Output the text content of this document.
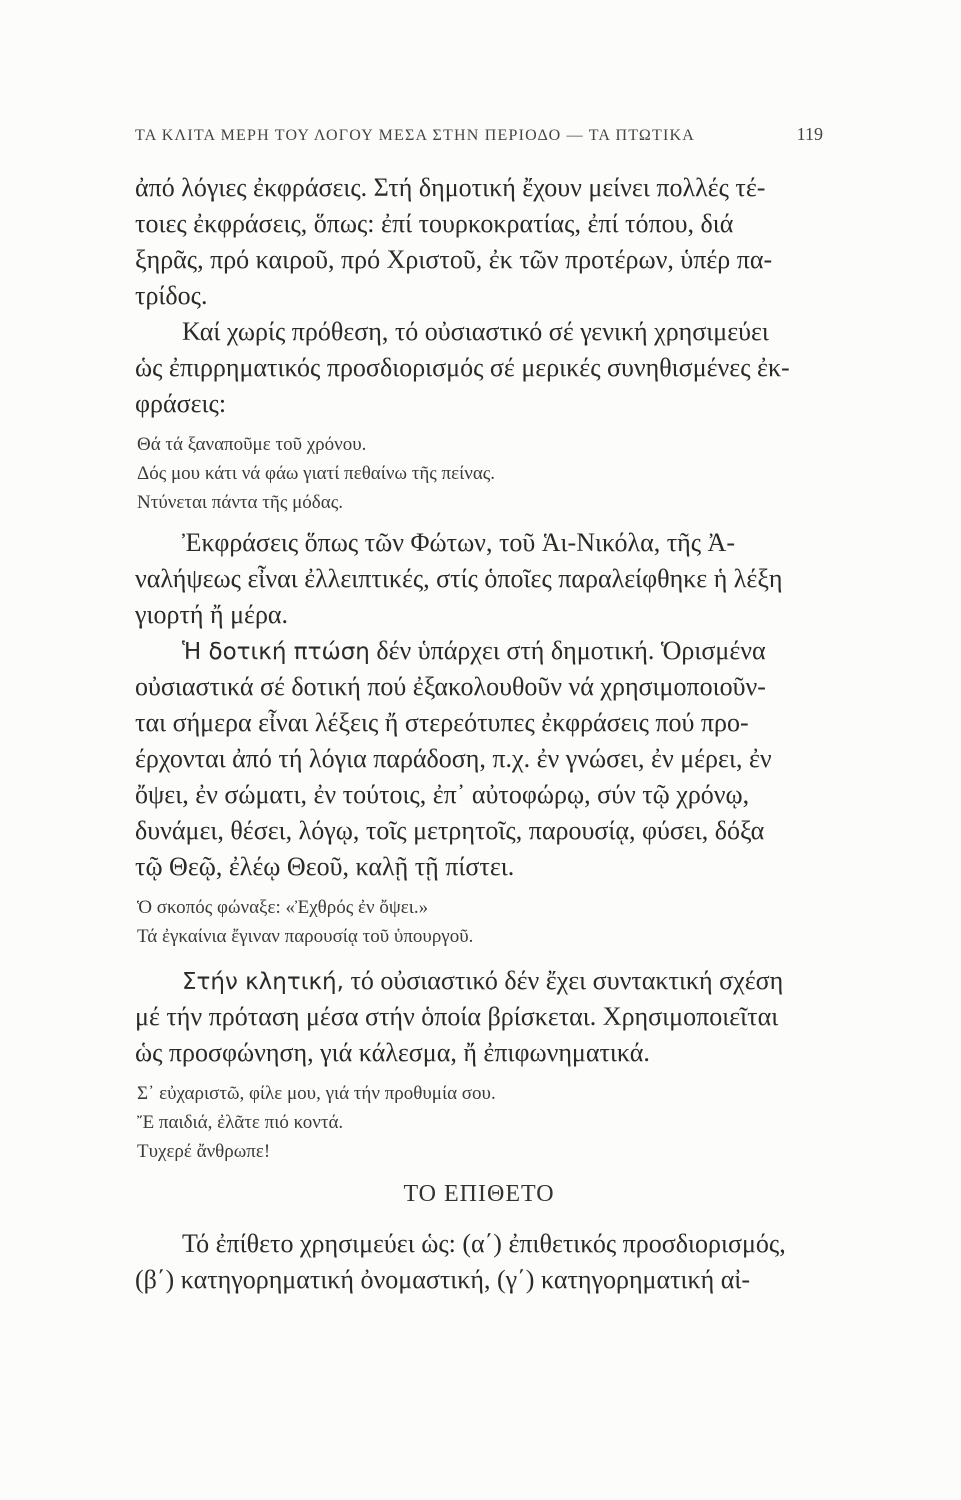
ΤΑ ΚΛΙΤΑ ΜΕΡΗ ΤΟΥ ΛΟΓΟΥ ΜΕΣΑ ΣΤΗΝ ΠΕΡΙΟΔΟ — ΤΑ ΠΤΩΤΙΚΑ	119
ἀπό λόγιες ἐκφράσεις. Στή δημοτική ἔχουν μείνει πολλές τέ-
τοιες ἐκφράσεις, ὅπως: ἐπί τουρκοκρατίας, ἐπί τόπου, διά
ξηρᾶς, πρό καιροῦ, πρό Χριστοῦ, ἐκ τῶν προτέρων, ὑπέρ πα-
τρίδος.
Καί χωρίς πρόθεση, τό οὐσιαστικό σέ γενική χρησιμεύει
ὡς ἐπιρρηματικός προσδιορισμός σέ μερικές συνηθισμένες ἐκ-
φράσεις:
Θά τά ξαναποῦμε τοῦ χρόνου.
Δός μου κάτι νά φάω γιατί πεθαίνω τῆς πείνας.
Ντύνεται πάντα τῆς μόδας.
Ἐκφράσεις ὅπως τῶν Φώτων, τοῦ Ἁι-Νικόλα, τῆς Ἀ-
ναλήψεως εἶναι ἐλλειπτικές, στίς ὁποῖες παραλείφθηκε ἡ λέξη
γιορτή ἤ μέρα.
Ἡ δοτική πτώση δέν ὑπάρχει στή δημοτική. Ὁρισμένα
οὐσιαστικά σέ δοτική πού ἐξακολουθοῦν νά χρησιμοποιοῦν-
ται σήμερα εἶναι λέξεις ἤ στερεότυπες ἐκφράσεις πού προ-
έρχονται ἀπό τή λόγια παράδοση, π.χ. ἐν γνώσει, ἐν μέρει, ἐν
ὄψει, ἐν σώματι, ἐν τούτοις, ἐπ᾽ αὐτοφώρῳ, σύν τῷ χρόνῳ,
δυνάμει, θέσει, λόγῳ, τοῖς μετρητοῖς, παρουσίᾳ, φύσει, δόξα
τῷ Θεῷ, ἐλέῳ Θεοῦ, καλῇ τῇ πίστει.
Ὁ σκοπός φώναξε: «Ἐχθρός ἐν ὄψει.»
Τά ἐγκαίνια ἔγιναν παρουσίᾳ τοῦ ὑπουργοῦ.
Στήν κλητική, τό οὐσιαστικό δέν ἔχει συντακτική σχέση
μέ τήν πρόταση μέσα στήν ὁποία βρίσκεται. Χρησιμοποιεῖται
ὡς προσφώνηση, γιά κάλεσμα, ἤ ἐπιφωνηματικά.
Σ᾽ εὐχαριστῶ, φίλε μου, γιά τήν προθυμία σου.
Ἔ παιδιά, ἐλᾶτε πιό κοντά.
Τυχερέ ἄνθρωπε!
ΤΟ ΕΠΙΘΕΤΟ
Τό ἐπίθετο χρησιμεύει ὡς: (α΄) ἐπιθετικός προσδιορισμός,
(β΄) κατηγορηματική ὀνομαστική, (γ΄) κατηγορηματική αἰ-
